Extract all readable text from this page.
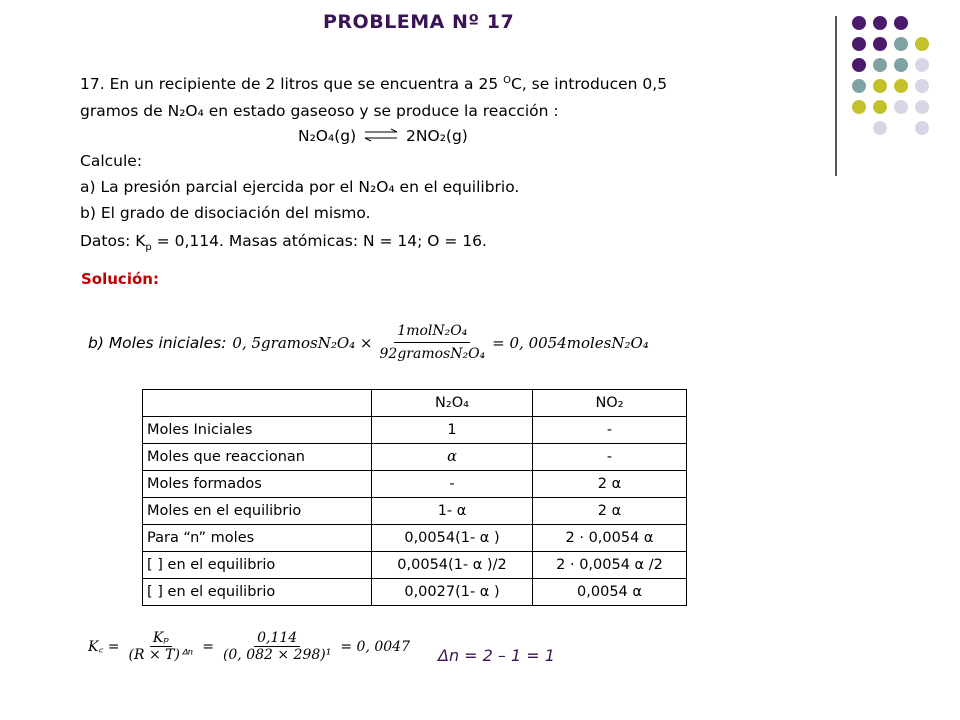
PROBLEMA Nº 17
17. En un recipiente de 2 litros que se encuentra a 25 $^O$C, se introducen 0,5
gramos de N₂O₄ en estado gaseoso y se produce la reacción :
N₂O₄(g) ⇌ 2NO₂(g)
Calcule:
a) La presión parcial ejercida por el N₂O₄ en el equilibrio.
b) El grado de disociación del mismo.
Datos: $K_p = 0,114$. Masas atómicas: N = 14; O = 16.
Solución:
b) Moles iniciales: 0, 5gramosN₂O₄ × $\frac{\text{1molN₂O₄}}{\text{92gramosN₂O₄}} = 0$, 0054molesN₂O₄
	N₂O₄	NO₂
Moles Iniciales	1	-
Moles que reaccionan	α	-
Moles formados	-	2 α
Moles en el equilibrio	1- α	2 α
Para “n” moles	0,0054(1- α )	2 · 0,0054 α
[ ] en el equilibrio	0,0054(1- α )/2	2 · 0,0054 α /2
[ ] en el equilibrio	0,0027(1- α )	0,0054 α
K꜀ = $\frac{\text{Kₚ}}{\text{(R × T)ᐞⁿ}} = \frac{0,114}{\text{(0, 082 × 298)¹}} = 0$, 0047 Δn = 2 – 1 = 1
